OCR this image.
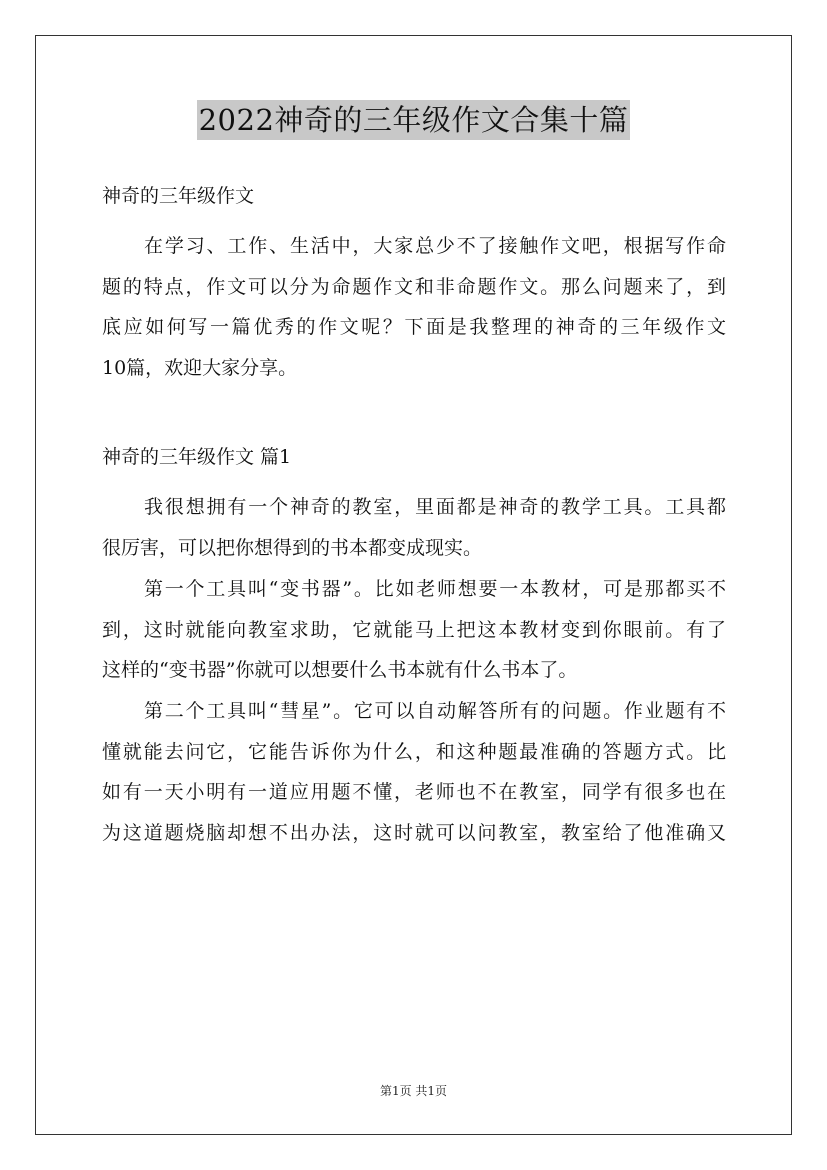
2022神奇的三年级作文合集十篇
神奇的三年级作文
在学习、工作、生活中，大家总少不了接触作文吧，根据写作命
题的特点，作文可以分为命题作文和非命题作文。那么问题来了，到
底应如何写一篇优秀的作文呢？下面是我整理的神奇的三年级作文
10篇，欢迎大家分享。
神奇的三年级作文 篇1
我很想拥有一个神奇的教室，里面都是神奇的教学工具。工具都
很厉害，可以把你想得到的书本都变成现实。
第一个工具叫“变书器”。比如老师想要一本教材，可是那都买不
到，这时就能向教室求助，它就能马上把这本教材变到你眼前。有了
这样的“变书器”你就可以想要什么书本就有什么书本了。
第二个工具叫“彗星”。它可以自动解答所有的问题。作业题有不
懂就能去问它，它能告诉你为什么，和这种题最准确的答题方式。比
如有一天小明有一道应用题不懂，老师也不在教室，同学有很多也在
为这道题烧脑却想不出办法，这时就可以问教室，教室给了他准确又
第1页 共1页
